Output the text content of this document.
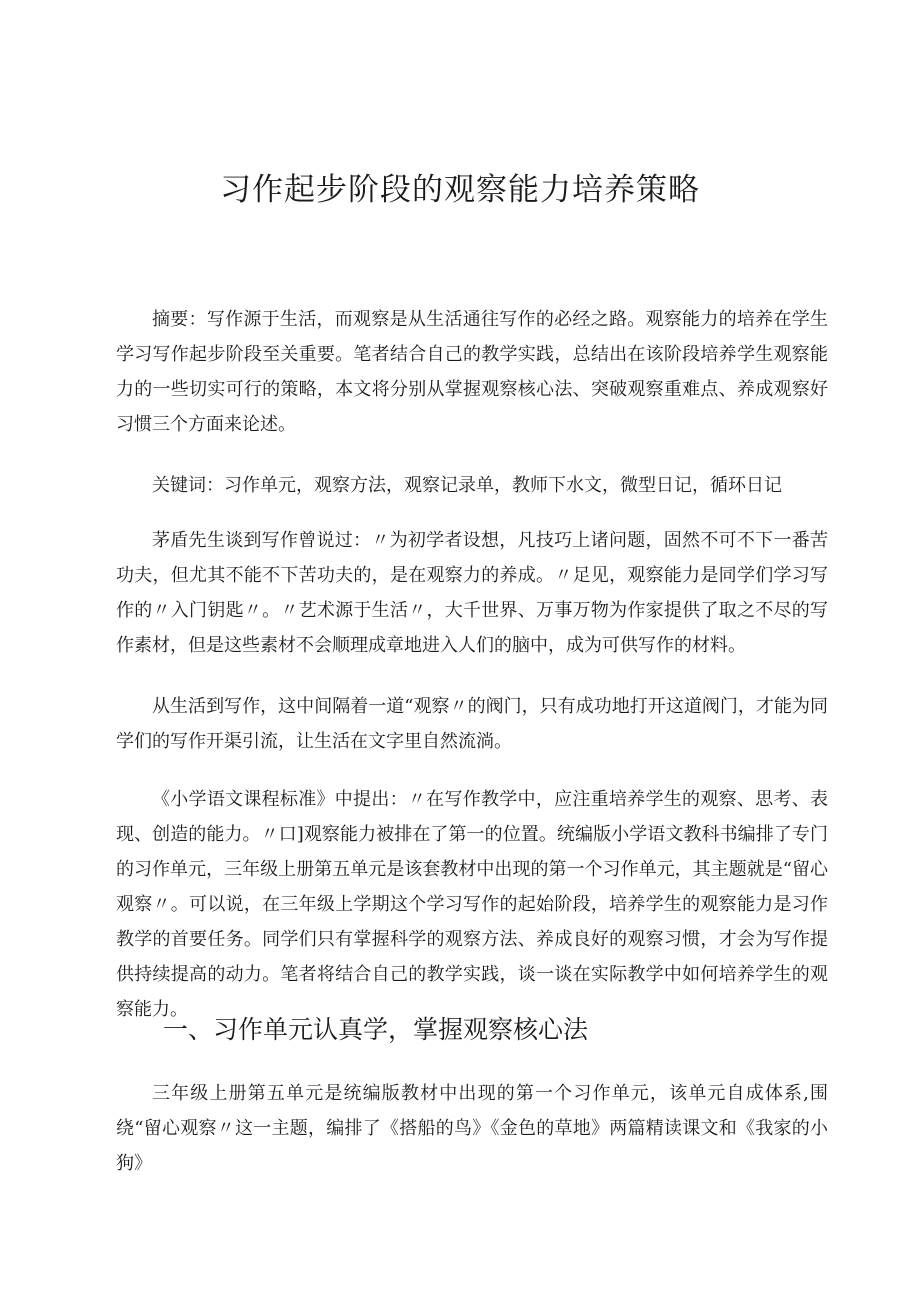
习作起步阶段的观察能力培养策略

摘要：写作源于生活，而观察是从生活通往写作的必经之路。观察能力的培养在学生学习写作起步阶段至关重要。笔者结合自己的教学实践，总结出在该阶段培养学生观察能力的一些切实可行的策略，本文将分别从掌握观察核心法、突破观察重难点、养成观察好习惯三个方面来论述。

关键词：习作单元，观察方法，观察记录单，教师下水文，微型日记，循环日记

茅盾先生谈到写作曾说过：〃为初学者设想，凡技巧上诸问题，固然不可不下一番苦功夫，但尤其不能不下苦功夫的，是在观察力的养成。〃足见，观察能力是同学们学习写作的〃入门钥匙〃。〃艺术源于生活〃，大千世界、万事万物为作家提供了取之不尽的写作素材，但是这些素材不会顺理成章地进入人们的脑中，成为可供写作的材料。

从生活到写作，这中间隔着一道“观察〃的阀门，只有成功地打开这道阀门，才能为同学们的写作开渠引流，让生活在文字里自然流淌。

《小学语文课程标准》中提出：〃在写作教学中，应注重培养学生的观察、思考、表现、创造的能力。〃口]观察能力被排在了第一的位置。统编版小学语文教科书编排了专门的习作单元，三年级上册第五单元是该套教材中出现的第一个习作单元，其主题就是“留心观察〃。可以说，在三年级上学期这个学习写作的起始阶段，培养学生的观察能力是习作教学的首要任务。同学们只有掌握科学的观察方法、养成良好的观察习惯，才会为写作提供持续提高的动力。笔者将结合自己的教学实践，谈一谈在实际教学中如何培养学生的观察能力。

一、习作单元认真学，掌握观察核心法

三年级上册第五单元是统编版教材中出现的第一个习作单元，该单元自成体系,围绕“留心观察〃这一主题，编排了《搭船的鸟》《金色的草地》两篇精读课文和《我家的小狗》
